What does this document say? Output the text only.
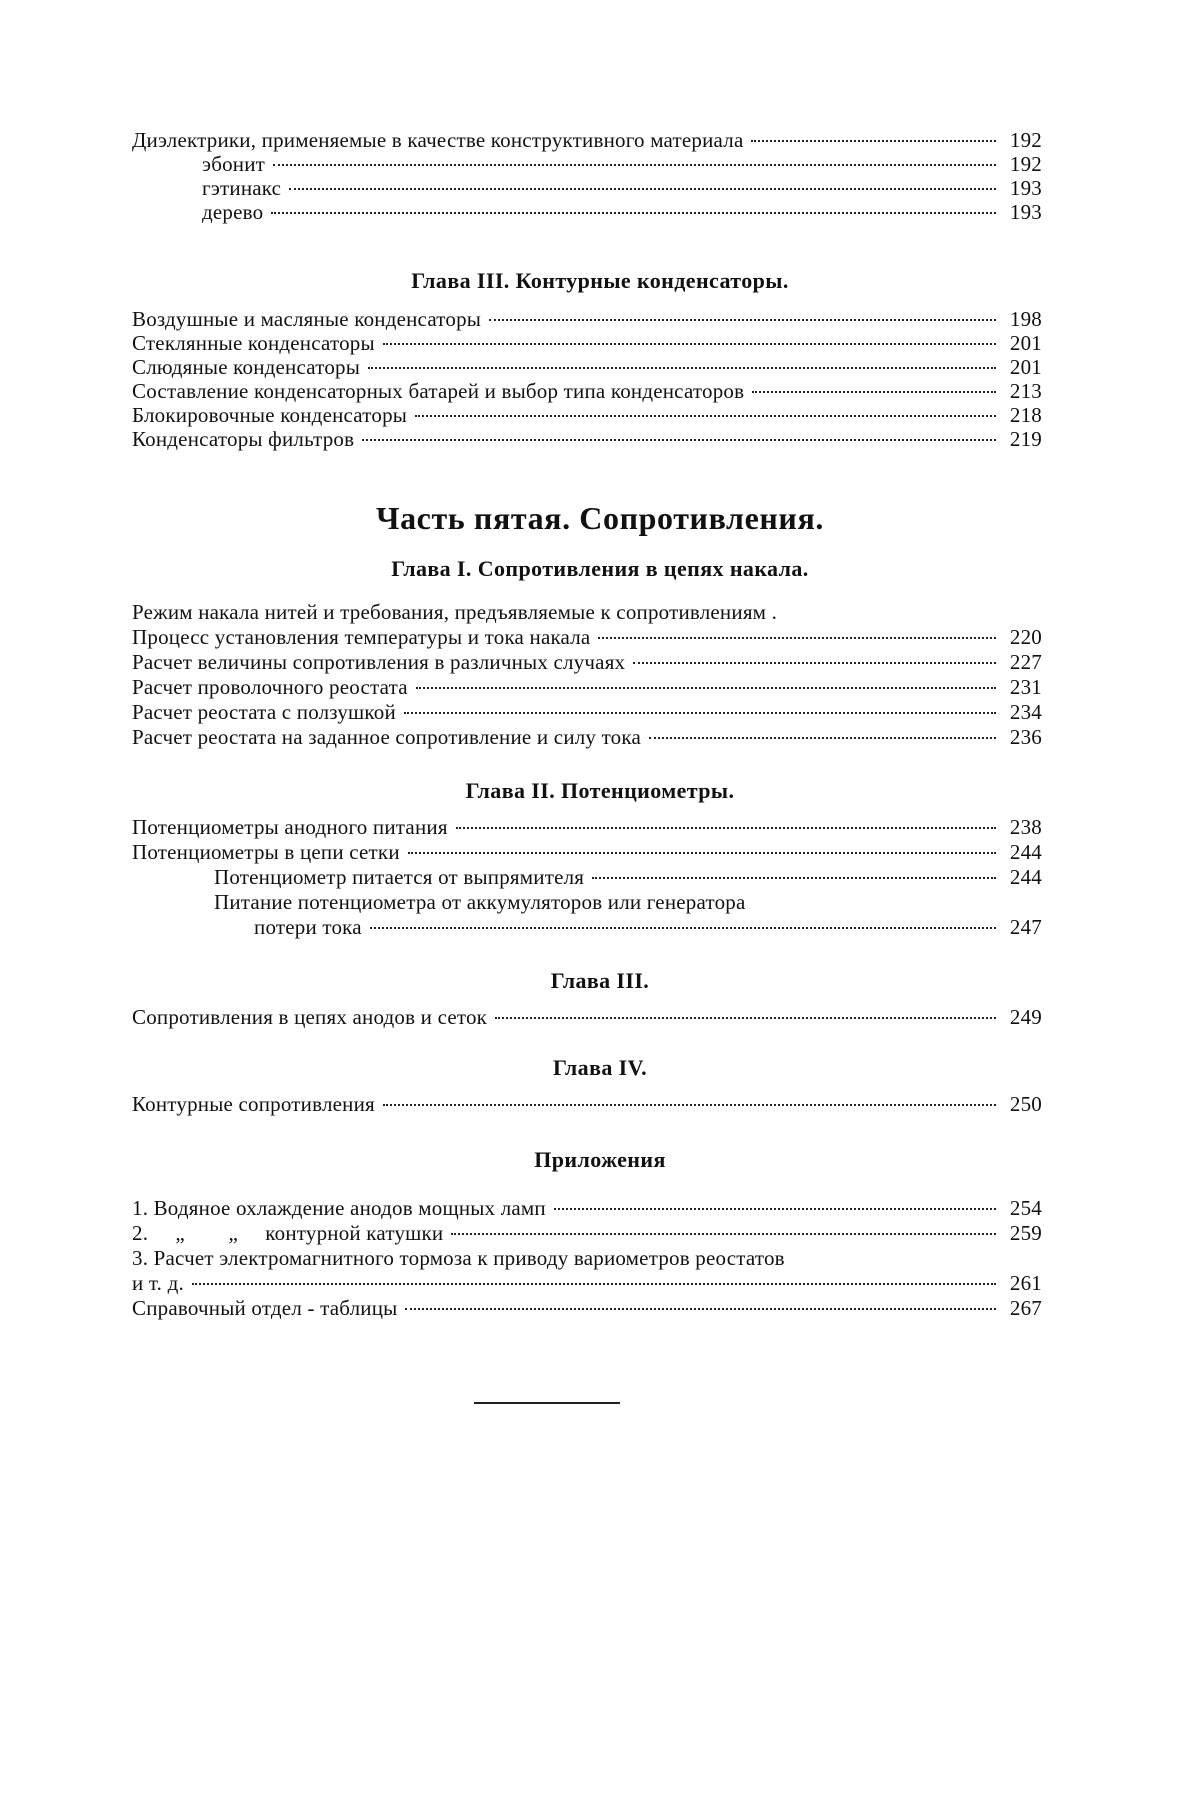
Диэлектрики, применяемые в качестве конструктивного материала	192
эбонит	192
гэтинакс	193
дерево	193
Глава III. Контурные конденсаторы.
Воздушные и масляные конденсаторы	198
Стеклянные конденсаторы	201
Слюдяные конденсаторы	201
Составление конденсаторных батарей и выбор типа конденсаторов	213
Блокировочные конденсаторы	218
Конденсаторы фильтров	219
Часть пятая. Сопротивления.
Глава I. Сопротивления в цепях накала.
Режим накала нитей и требования, предъявляемые к сопротивлениям .
Процесс установления температуры и тока накала	220
Расчет величины сопротивления в различных случаях	227
Расчет проволочного реостата	231
Расчет реостата с ползушкой	234
Расчет реостата на заданное сопротивление и силу тока	236
Глава II. Потенциометры.
Потенциометры анодного питания	238
Потенциометры в цепи сетки	244
Потенциометр питается от выпрямителя	244
Питание потенциометра от аккумуляторов или генератора
потери тока	247
Глава III.
Сопротивления в цепях анодов и сеток	249
Глава IV.
Контурные сопротивления	250
Приложения
1. Водяное охлаждение анодов мощных ламп	254
2.     „        „     контурной катушки	259
3. Расчет электромагнитного тормоза к приводу вариометров реостатов
и т. д.	261
Справочный отдел - таблицы	267
